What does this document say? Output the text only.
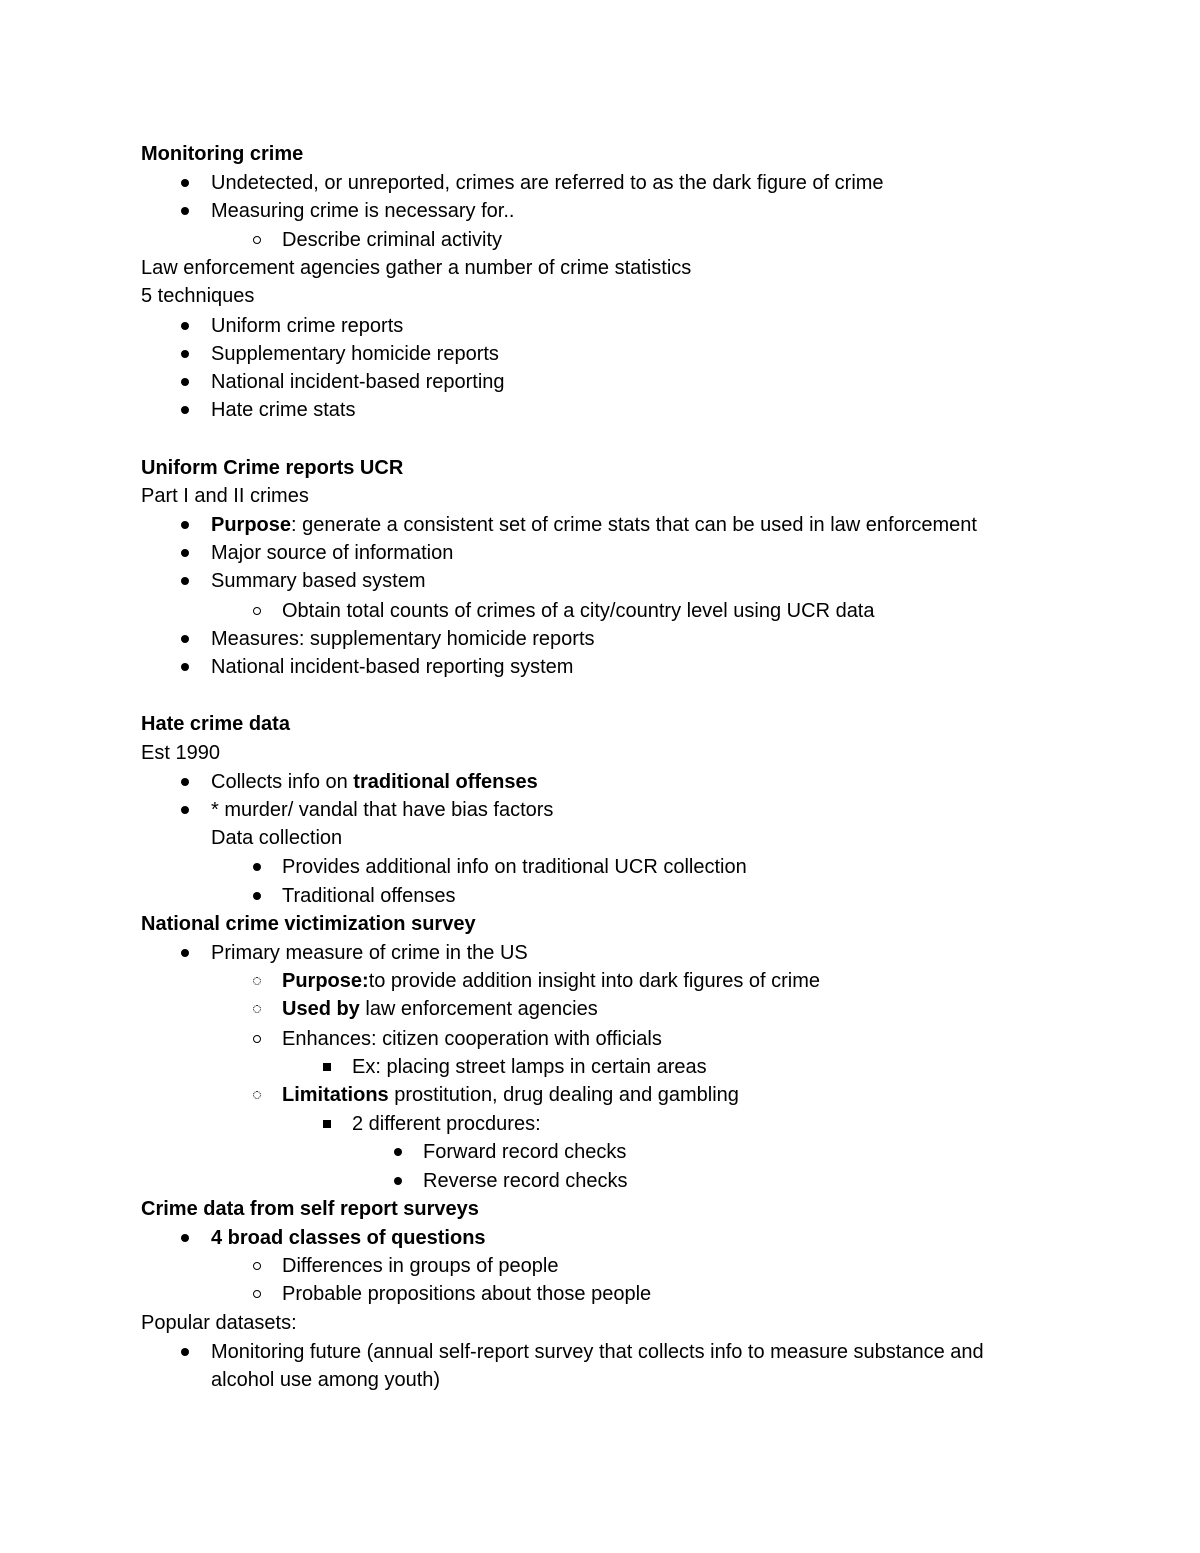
Monitoring crime
Undetected, or unreported, crimes are referred to as the dark figure of crime
Measuring crime is necessary for..
Describe criminal activity
Law enforcement agencies gather a number of crime statistics
5 techniques
Uniform crime reports
Supplementary homicide reports
National incident-based reporting
Hate crime stats
Uniform Crime reports UCR
Part I and II crimes
Purpose: generate a consistent set of crime stats that can be used in law enforcement
Major source of information
Summary based system
Obtain total counts of crimes of a city/country level using UCR data
Measures: supplementary homicide reports
National incident-based reporting system
Hate crime data
Est 1990
Collects info on traditional offenses
* murder/ vandal that have bias factors
Data collection
Provides additional info on traditional UCR collection
Traditional offenses
National crime victimization survey
Primary measure of crime in the US
Purpose:to provide addition insight into dark figures of crime
Used by law enforcement agencies
Enhances: citizen cooperation with officials
Ex: placing street lamps in certain areas
Limitations prostitution, drug dealing and gambling
2 different procdures:
Forward record checks
Reverse record checks
Crime data from self report surveys
4 broad classes of questions
Differences in groups of people
Probable propositions about those people
Popular datasets:
Monitoring future (annual self-report survey that collects info to measure substance and
alcohol use among youth)
